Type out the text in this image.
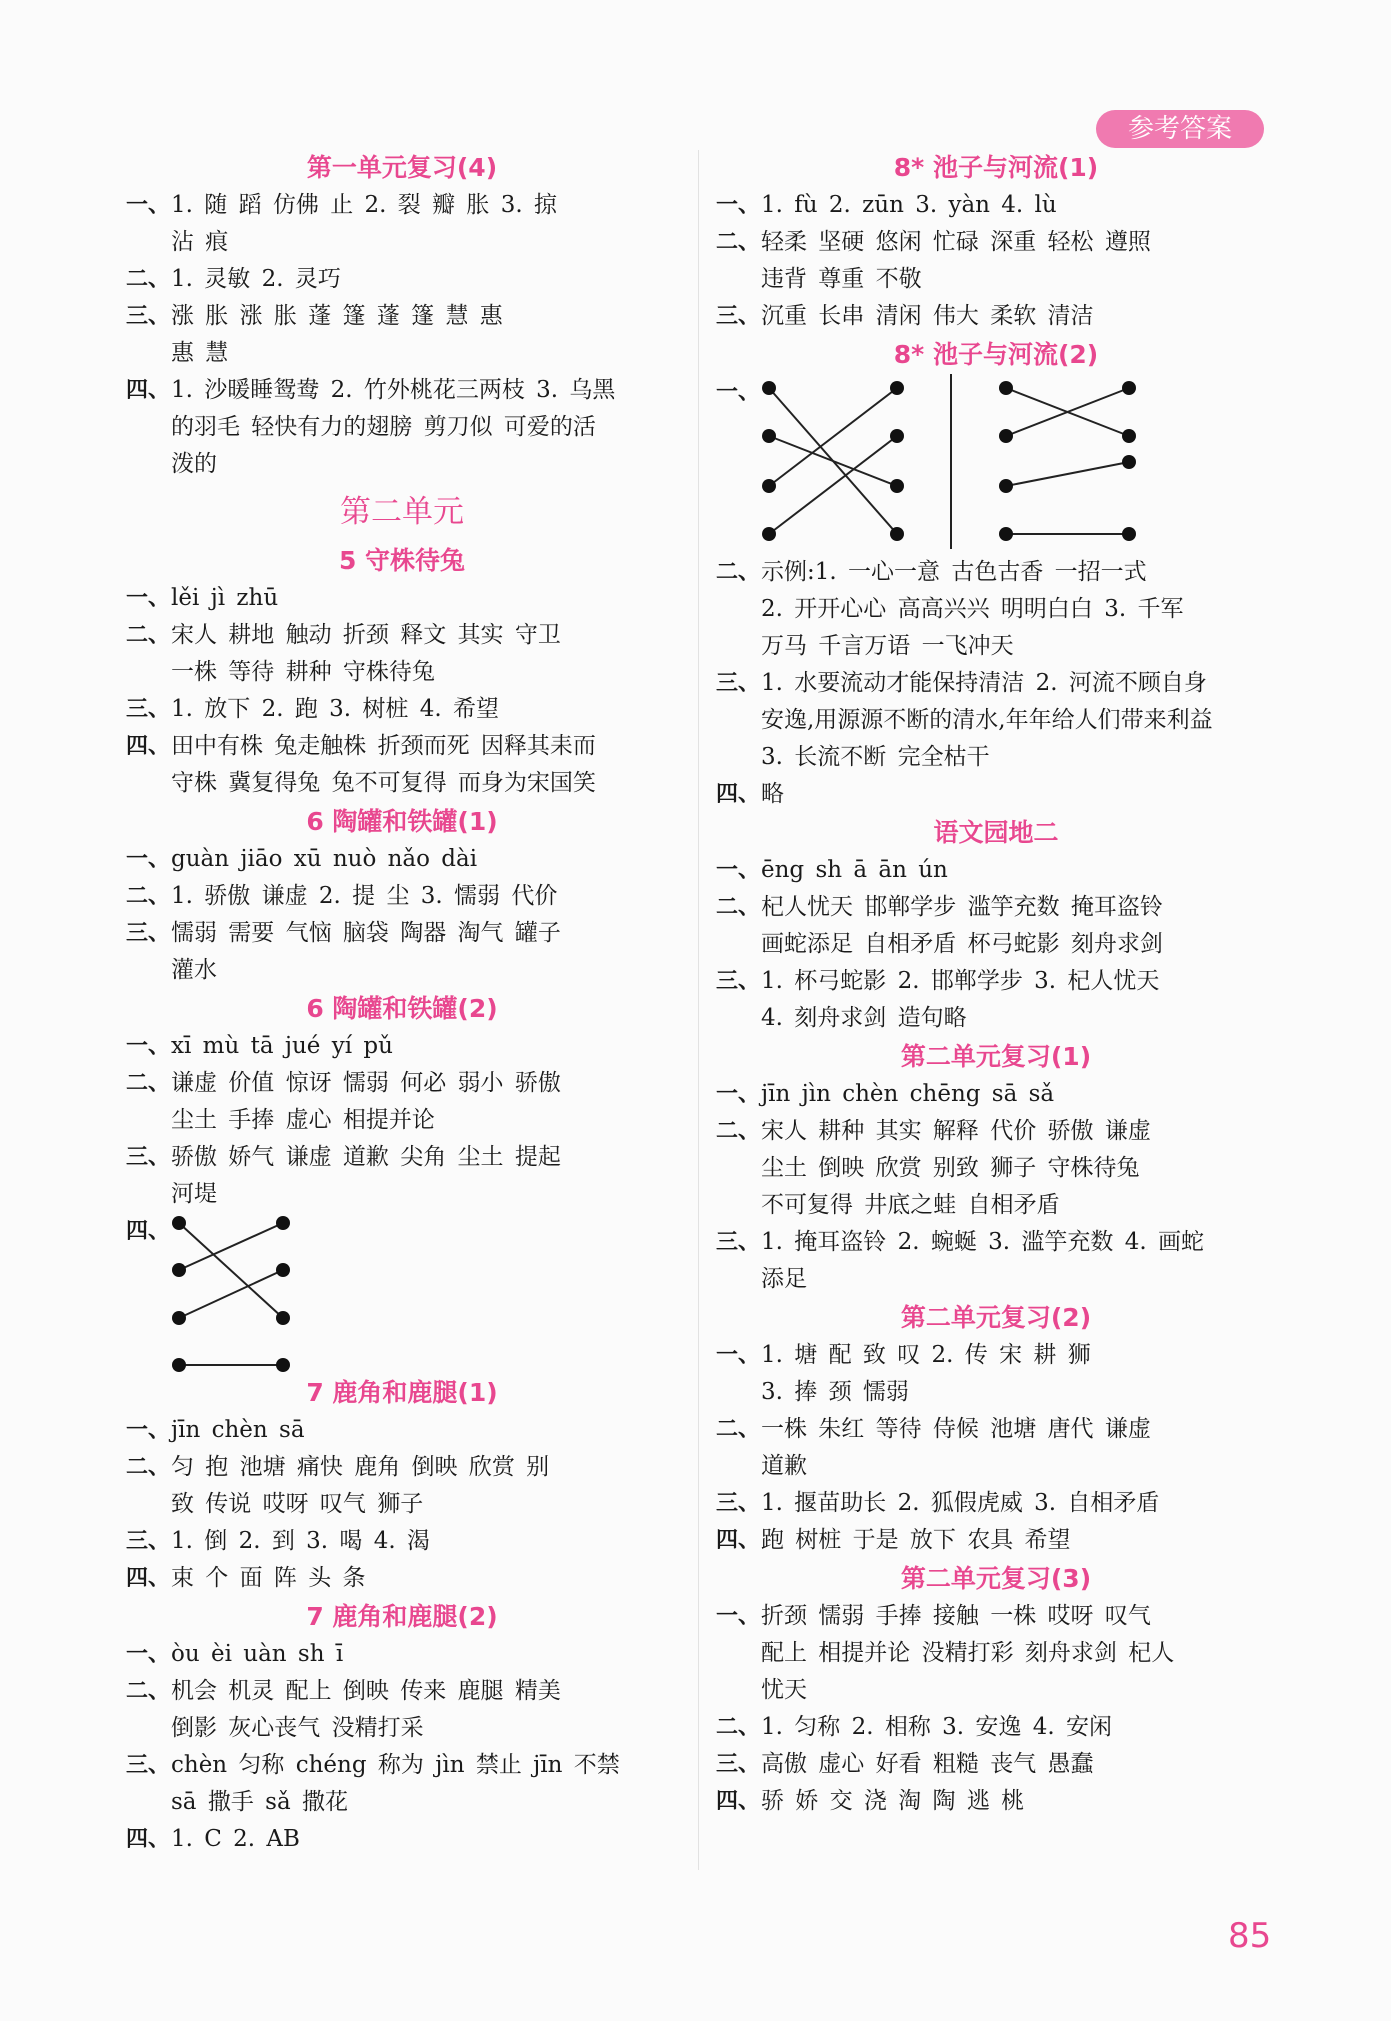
参考答案
第一单元复习(4)
一、 1. 随 蹈 仿佛 止 2. 裂 瓣 胀 3. 掠
沾 痕
二、 1. 灵敏 2. 灵巧
三、 涨 胀 涨 胀 蓬 篷 蓬 篷 慧 惠
惠 慧
四、 1. 沙暖睡鸳鸯 2. 竹外桃花三两枝 3. 乌黑
的羽毛 轻快有力的翅膀 剪刀似 可爱的活
泼的
第二单元
5 守株待兔
一、 lěi jì zhū
二、 宋人 耕地 触动 折颈 释文 其实 守卫
一株 等待 耕种 守株待兔
三、 1. 放下 2. 跑 3. 树桩 4. 希望
四、 田中有株 兔走触株 折颈而死 因释其耒而
守株 冀复得兔 兔不可复得 而身为宋国笑
6 陶罐和铁罐(1)
一、 guàn jiāo xū nuò nǎo dài
二、 1. 骄傲 谦虚 2. 提 尘 3. 懦弱 代价
三、 懦弱 需要 气恼 脑袋 陶器 淘气 罐子
灌水
6 陶罐和铁罐(2)
一、 xī mù tā jué yí pǔ
二、 谦虚 价值 惊讶 懦弱 何必 弱小 骄傲
尘土 手捧 虚心 相提并论
三、 骄傲 娇气 谦虚 道歉 尖角 尘土 提起
河堤
四、
7 鹿角和鹿腿(1)
一、 jīn chèn sā
二、 匀 抱 池塘 痛快 鹿角 倒映 欣赏 别
致 传说 哎呀 叹气 狮子
三、 1. 倒 2. 到 3. 喝 4. 渴
四、 束 个 面 阵 头 条
7 鹿角和鹿腿(2)
一、 òu èi uàn sh ī
二、 机会 机灵 配上 倒映 传来 鹿腿 精美
倒影 灰心丧气 没精打采
三、 chèn 匀称 chéng 称为 jìn 禁止 jīn 不禁
sā 撒手 sǎ 撒花
四、 1. C 2. AB
8* 池子与河流(1)
一、 1. fù 2. zūn 3. yàn 4. lù
二、 轻柔 坚硬 悠闲 忙碌 深重 轻松 遵照
违背 尊重 不敬
三、 沉重 长串 清闲 伟大 柔软 清洁
8* 池子与河流(2)
一、
二、 示例:1. 一心一意 古色古香 一招一式
2. 开开心心 高高兴兴 明明白白 3. 千军
万马 千言万语 一飞冲天
三、 1. 水要流动才能保持清洁 2. 河流不顾自身
安逸,用源源不断的清水,年年给人们带来利益
3. 长流不断 完全枯干
四、 略
语文园地二
一、 ēng sh ā ān ún
二、 杞人忧天 邯郸学步 滥竽充数 掩耳盗铃
画蛇添足 自相矛盾 杯弓蛇影 刻舟求剑
三、 1. 杯弓蛇影 2. 邯郸学步 3. 杞人忧天
4. 刻舟求剑 造句略
第二单元复习(1)
一、 jīn jìn chèn chēng sā sǎ
二、 宋人 耕种 其实 解释 代价 骄傲 谦虚
尘土 倒映 欣赏 别致 狮子 守株待兔
不可复得 井底之蛙 自相矛盾
三、 1. 掩耳盗铃 2. 蜿蜒 3. 滥竽充数 4. 画蛇
添足
第二单元复习(2)
一、 1. 塘 配 致 叹 2. 传 宋 耕 狮
3. 捧 颈 懦弱
二、 一株 朱红 等待 侍候 池塘 唐代 谦虚
道歉
三、 1. 揠苗助长 2. 狐假虎威 3. 自相矛盾
四、 跑 树桩 于是 放下 农具 希望
第二单元复习(3)
一、 折颈 懦弱 手捧 接触 一株 哎呀 叹气
配上 相提并论 没精打彩 刻舟求剑 杞人
忧天
二、 1. 匀称 2. 相称 3. 安逸 4. 安闲
三、 高傲 虚心 好看 粗糙 丧气 愚蠢
四、 骄 娇 交 浇 淘 陶 逃 桃
85
